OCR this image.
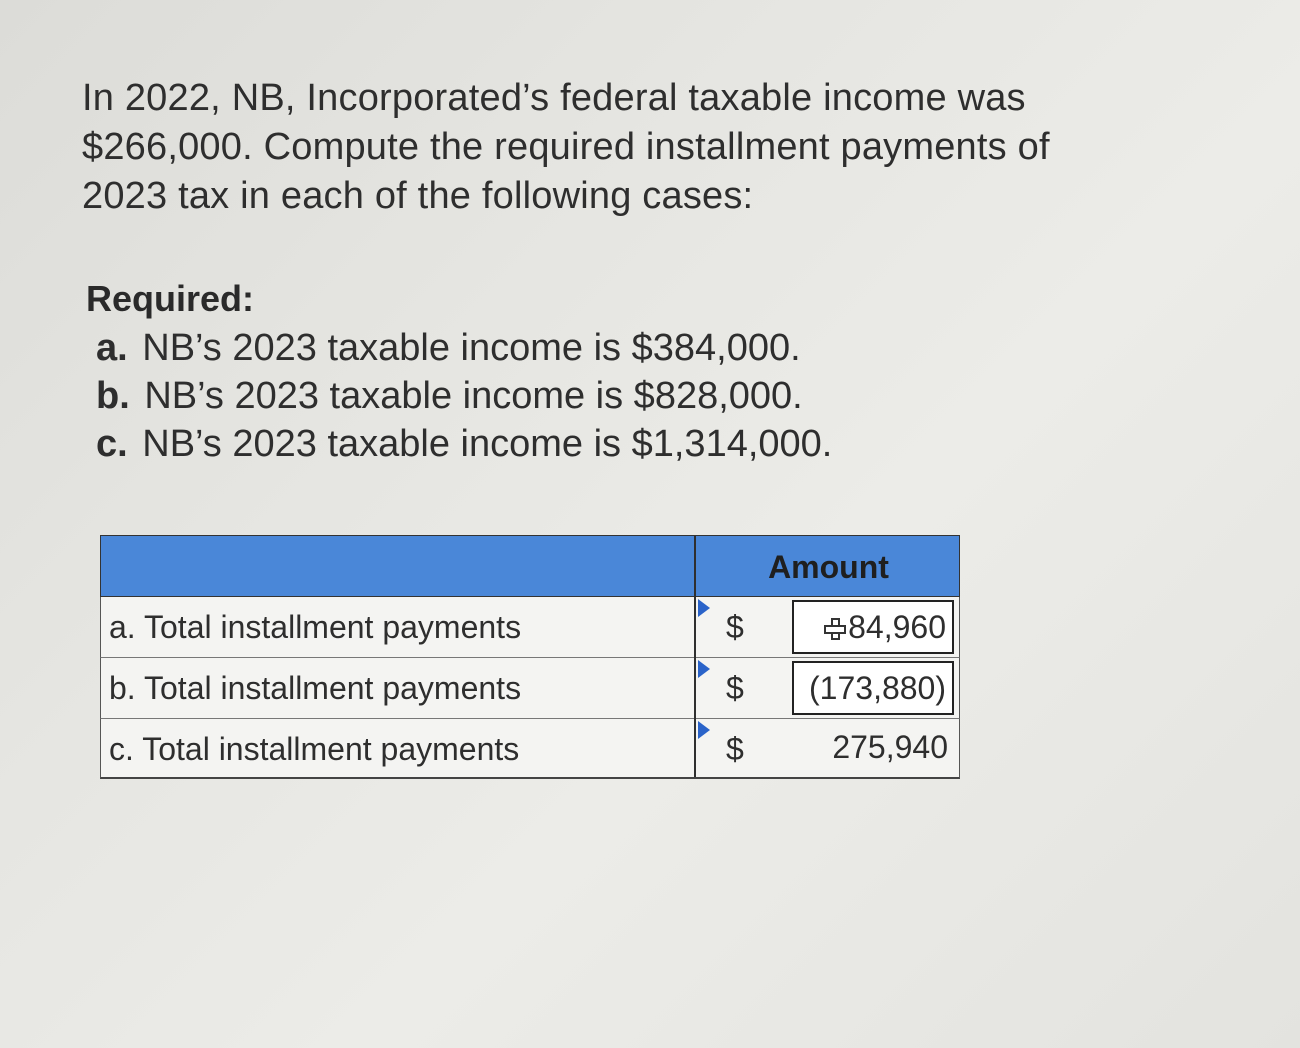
In 2022, NB, Incorporated’s federal taxable income was
$266,000. Compute the required installment payments of
2023 tax in each of the following cases:
Required:
a. NB’s 2023 taxable income is $384,000.
b. NB’s 2023 taxable income is $828,000.
c. NB’s 2023 taxable income is $1,314,000.
Amount
a. Total installment payments	$	84,960
b. Total installment payments	$	(173,880)
c. Total installment payments	$	275,940
